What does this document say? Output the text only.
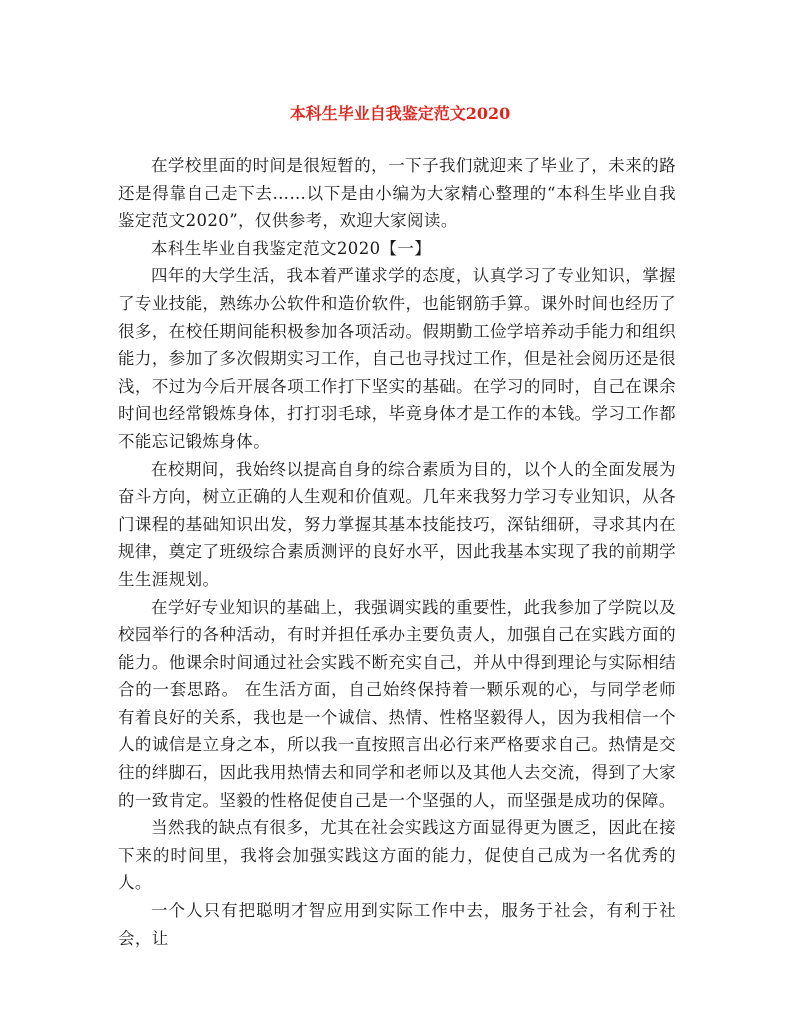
本科生毕业自我鉴定范文2020

在学校里面的时间是很短暂的，一下子我们就迎来了毕业了，未来的路还是得靠自己走下去……以下是由小编为大家精心整理的“本科生毕业自我鉴定范文2020”，仅供参考，欢迎大家阅读。

本科生毕业自我鉴定范文2020【一】

四年的大学生活，我本着严谨求学的态度，认真学习了专业知识，掌握了专业技能，熟练办公软件和造价软件，也能钢筋手算。课外时间也经历了很多，在校任期间能积极参加各项活动。假期勤工俭学培养动手能力和组织能力，参加了多次假期实习工作，自己也寻找过工作，但是社会阅历还是很浅，不过为今后开展各项工作打下坚实的基础。在学习的同时，自己在课余时间也经常锻炼身体，打打羽毛球，毕竟身体才是工作的本钱。学习工作都不能忘记锻炼身体。

在校期间，我始终以提高自身的综合素质为目的，以个人的全面发展为奋斗方向，树立正确的人生观和价值观。几年来我努力学习专业知识，从各门课程的基础知识出发，努力掌握其基本技能技巧，深钻细研，寻求其内在规律，奠定了班级综合素质测评的良好水平，因此我基本实现了我的前期学生生涯规划。

在学好专业知识的基础上，我强调实践的重要性，此我参加了学院以及校园举行的各种活动，有时并担任承办主要负责人，加强自己在实践方面的能力。他课余时间通过社会实践不断充实自己，并从中得到理论与实际相结合的一套思路。 在生活方面，自己始终保持着一颗乐观的心，与同学老师有着良好的关系，我也是一个诚信、热情、性格坚毅得人，因为我相信一个人的诚信是立身之本，所以我一直按照言出必行来严格要求自己。热情是交往的绊脚石，因此我用热情去和同学和老师以及其他人去交流，得到了大家的一致肯定。坚毅的性格促使自己是一个坚强的人，而坚强是成功的保障。

当然我的缺点有很多，尤其在社会实践这方面显得更为匮乏，因此在接下来的时间里，我将会加强实践这方面的能力，促使自己成为一名优秀的人。

一个人只有把聪明才智应用到实际工作中去，服务于社会，有利于社会，让
